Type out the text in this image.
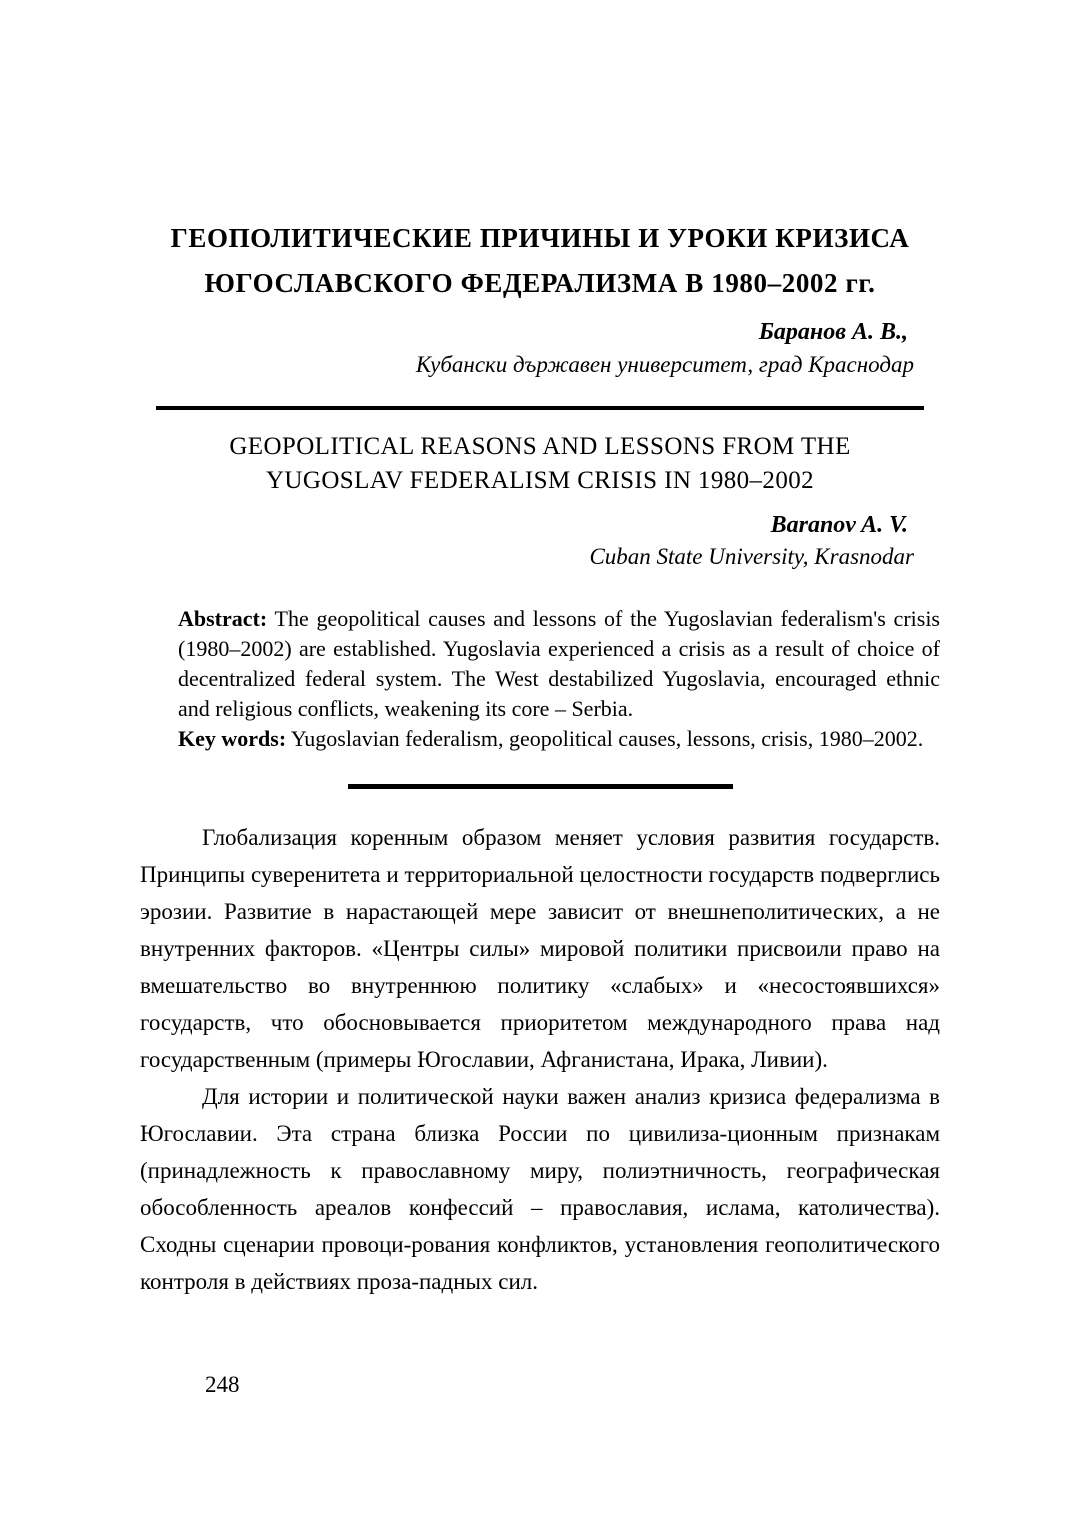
ГЕОПОЛИТИЧЕСКИЕ ПРИЧИНЫ И УРОКИ КРИЗИСА ЮГОСЛАВСКОГО ФЕДЕРАЛИЗМА В 1980–2002 гг.
Баранов А. В.,
Кубански държавен университет, град Краснодар
GEOPOLITICAL REASONS AND LESSONS FROM THE YUGOSLAV FEDERALISM CRISIS IN 1980–2002
Baranov A. V.
Cuban State University, Krasnodar

Abstract: The geopolitical causes and lessons of the Yugoslavian federalism's crisis (1980–2002) are established. Yugoslavia experienced a crisis as a result of choice of decentralized federal system. The West destabilized Yugoslavia, encouraged ethnic and religious conflicts, weakening its core – Serbia.

Key words: Yugoslavian federalism, geopolitical causes, lessons, crisis, 1980–2002.

Глобализация коренным образом меняет условия развития государств. Принципы суверенитета и территориальной целостности государств подверглись эрозии. Развитие в нарастающей мере зависит от внешнеполитических, а не внутренних факторов. «Центры силы» мировой политики присвоили право на вмешательство во внутреннюю политику «слабых» и «несостоявшихся» государств, что обосновывается приоритетом международного права над государственным (примеры Югославии, Афганистана, Ирака, Ливии).

Для истории и политической науки важен анализ кризиса федерализма в Югославии. Эта страна близка России по цивилиза-ционным признакам (принадлежность к православному миру, полиэтничность, географическая обособленность ареалов конфессий – православия, ислама, католичества). Сходны сценарии провоци-рования конфликтов, установления геополитического контроля в действиях проза-падных сил.

248
